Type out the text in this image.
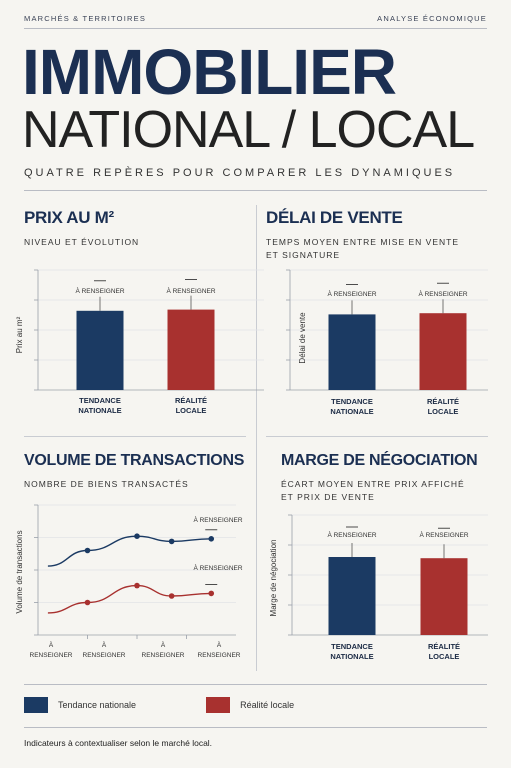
MARCHÉS & TERRITOIRES	ANALYSE ÉCONOMIQUE
IMMOBILIER
NATIONAL / LOCAL
QUATRE REPÈRES POUR COMPARER LES DYNAMIQUES
PRIX AU M²
NIVEAU ET ÉVOLUTION
Prix au m²
À RENSEIGNER	À RENSEIGNER
TENDANCE
NATIONALE
RÉALITÉ
LOCALE
Délai de vente
À RENSEIGNER	À RENSEIGNER
TENDANCE
NATIONALE
RÉALITÉ
LOCALE
Volume de transactions
À RENSEIGNER
À RENSEIGNER
À
RENSEIGNER
À
RENSEIGNER
À
RENSEIGNER
À
RENSEIGNER
Marge de négociation
À RENSEIGNER	À RENSEIGNER
TENDANCE
NATIONALE
RÉALITÉ
LOCALE
DÉLAI DE VENTE
TEMPS MOYEN ENTRE MISE EN VENTE
ET SIGNATURE
VOLUME DE TRANSACTIONS
NOMBRE DE BIENS TRANSACTÉS
MARGE DE NÉGOCIATION
ÉCART MOYEN ENTRE PRIX AFFICHÉ
ET PRIX DE VENTE
Tendance nationale	Réalité locale
Indicateurs à contextualiser selon le marché local.
